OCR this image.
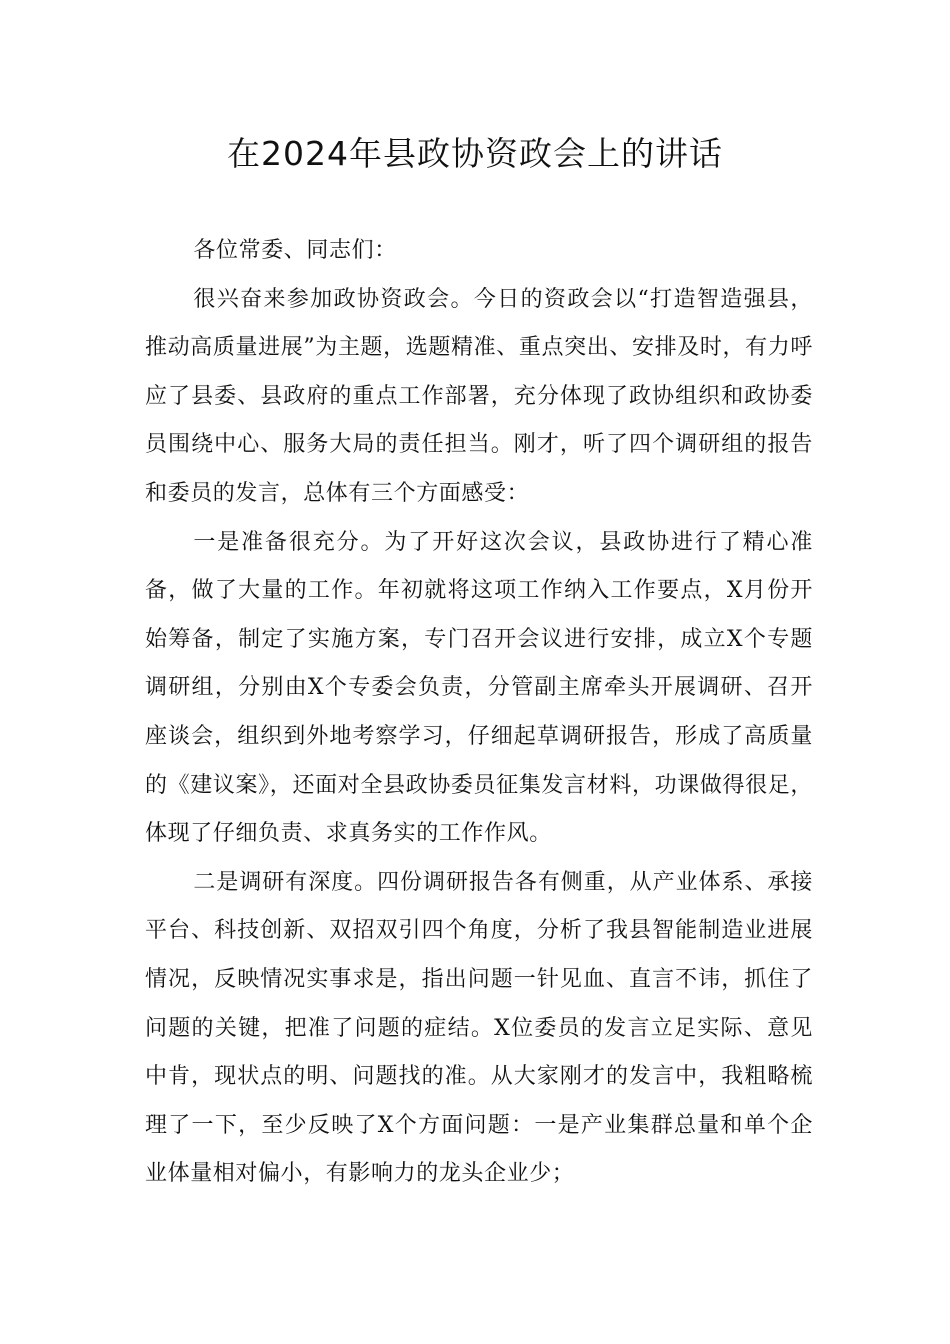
在2024年县政协资政会上的讲话

各位常委、同志们：

很兴奋来参加政协资政会。今日的资政会以“打造智造强县，推动高质量进展”为主题，选题精准、重点突出、安排及时，有力呼应了县委、县政府的重点工作部署，充分体现了政协组织和政协委员围绕中心、服务大局的责任担当。刚才，听了四个调研组的报告和委员的发言，总体有三个方面感受：

一是准备很充分。为了开好这次会议，县政协进行了精心准备，做了大量的工作。年初就将这项工作纳入工作要点，X月份开始筹备，制定了实施方案，专门召开会议进行安排，成立X个专题调研组，分别由X个专委会负责，分管副主席牵头开展调研、召开座谈会，组织到外地考察学习，仔细起草调研报告，形成了高质量的《建议案》，还面对全县政协委员征集发言材料，功课做得很足，体现了仔细负责、求真务实的工作作风。

二是调研有深度。四份调研报告各有侧重，从产业体系、承接平台、科技创新、双招双引四个角度，分析了我县智能制造业进展情况，反映情况实事求是，指出问题一针见血、直言不讳，抓住了问题的关键，把准了问题的症结。X位委员的发言立足实际、意见中肯，现状点的明、问题找的准。从大家刚才的发言中，我粗略梳理了一下，至少反映了X个方面问题：一是产业集群总量和单个企业体量相对偏小，有影响力的龙头企业少；
